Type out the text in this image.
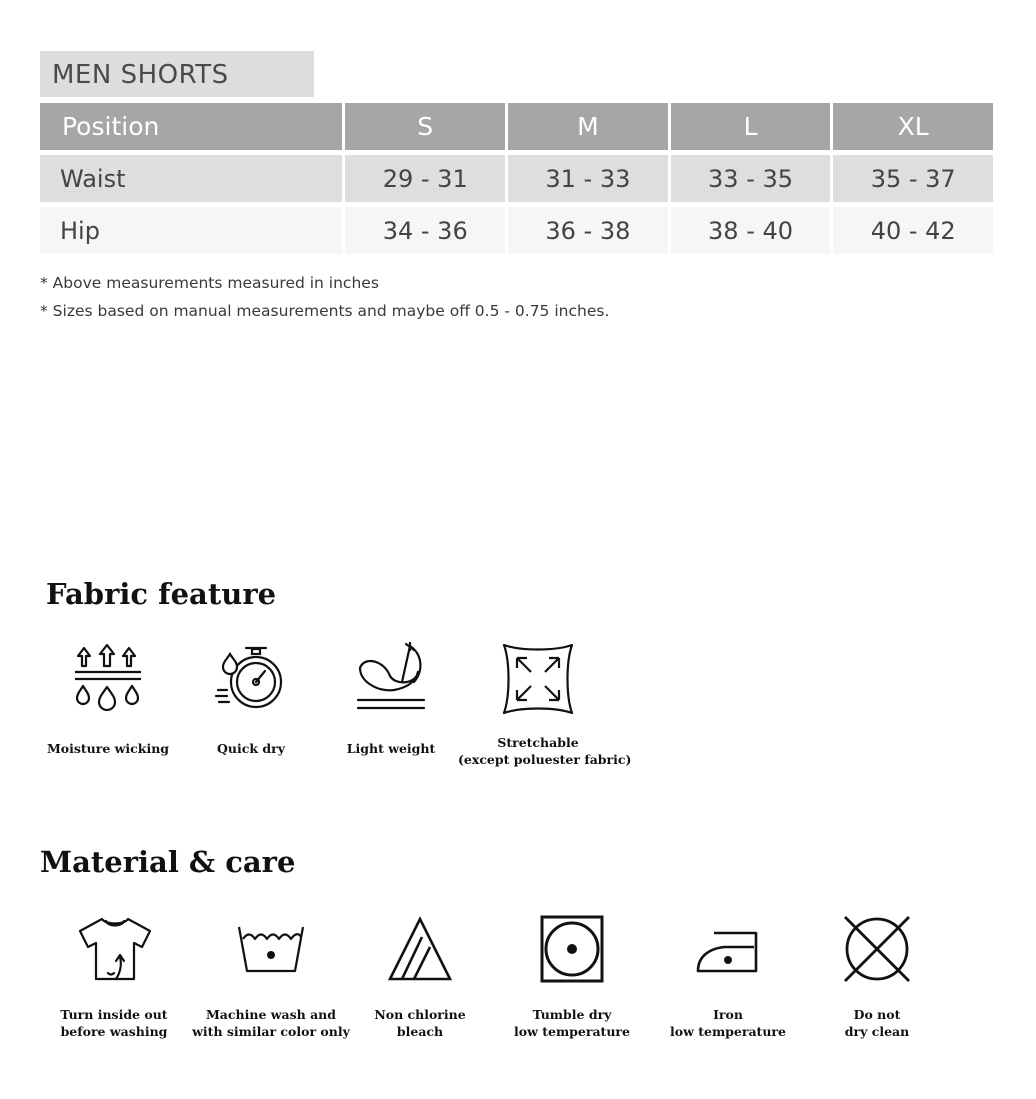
MEN SHORTS
Position	S	M	L	XL
Waist	29 - 31	31 - 33	33 - 35	35 - 37
Hip	34 - 36	36 - 38	38 - 40	40 - 42
* Above measurements measured in inches
* Sizes based on manual measurements and maybe off 0.5 - 0.75 inches.
Fabric feature
Moisture wicking	Quick dry	Light weight	Stretchable
(except poluester fabric)
Material & care
Turn inside out
before washing
Machine wash and
with similar color only
Non chlorine
bleach
Tumble dry
low temperature
Iron
low temperature
Do not
dry clean
